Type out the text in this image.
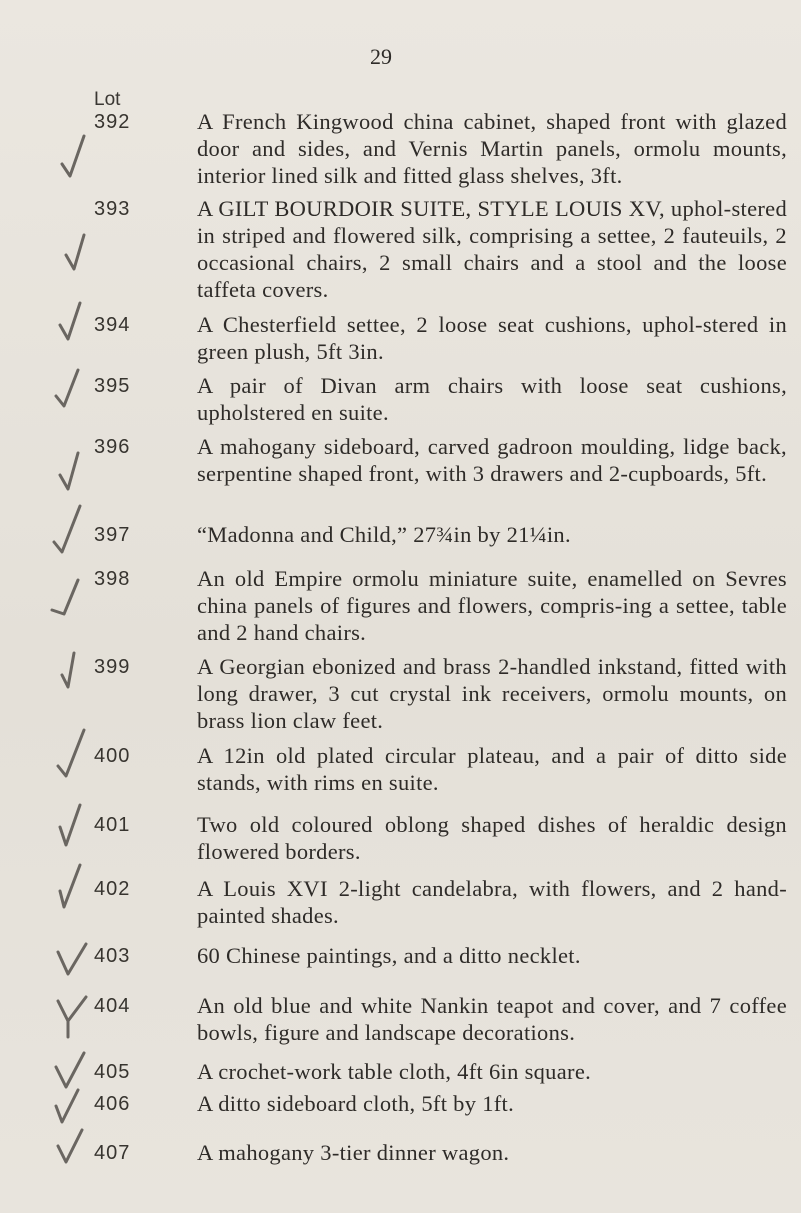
29
Lot
392	A French Kingwood china cabinet, shaped front with glazed door and sides, and Vernis Martin panels, ormolu mounts, interior lined silk and fitted glass shelves, 3ft.
393	A GILT BOURDOIR SUITE, STYLE LOUIS XV, uphol-stered in striped and flowered silk, comprising a settee, 2 fauteuils, 2 occasional chairs, 2 small chairs and a stool and the loose taffeta covers.
394	A Chesterfield settee, 2 loose seat cushions, uphol-stered in green plush, 5ft 3in.
395	A pair of Divan arm chairs with loose seat cushions, upholstered en suite.
396	A mahogany sideboard, carved gadroon moulding, lidge back, serpentine shaped front, with 3 drawers and 2-cupboards, 5ft.
397	“Madonna and Child,” 27¾in by 21¼in.
398	An old Empire ormolu miniature suite, enamelled on Sevres china panels of figures and flowers, compris-ing a settee, table and 2 hand chairs.
399	A Georgian ebonized and brass 2-handled inkstand, fitted with long drawer, 3 cut crystal ink receivers, ormolu mounts, on brass lion claw feet.
400	A 12in old plated circular plateau, and a pair of ditto side stands, with rims en suite.
401	Two old coloured oblong shaped dishes of heraldic design flowered borders.
402	A Louis XVI 2-light candelabra, with flowers, and 2 hand-painted shades.
403	60 Chinese paintings, and a ditto necklet.
404	An old blue and white Nankin teapot and cover, and 7 coffee bowls, figure and landscape decorations.
405	A crochet-work table cloth, 4ft 6in square.
406	A ditto sideboard cloth, 5ft by 1ft.
407	A mahogany 3-tier dinner wagon.
